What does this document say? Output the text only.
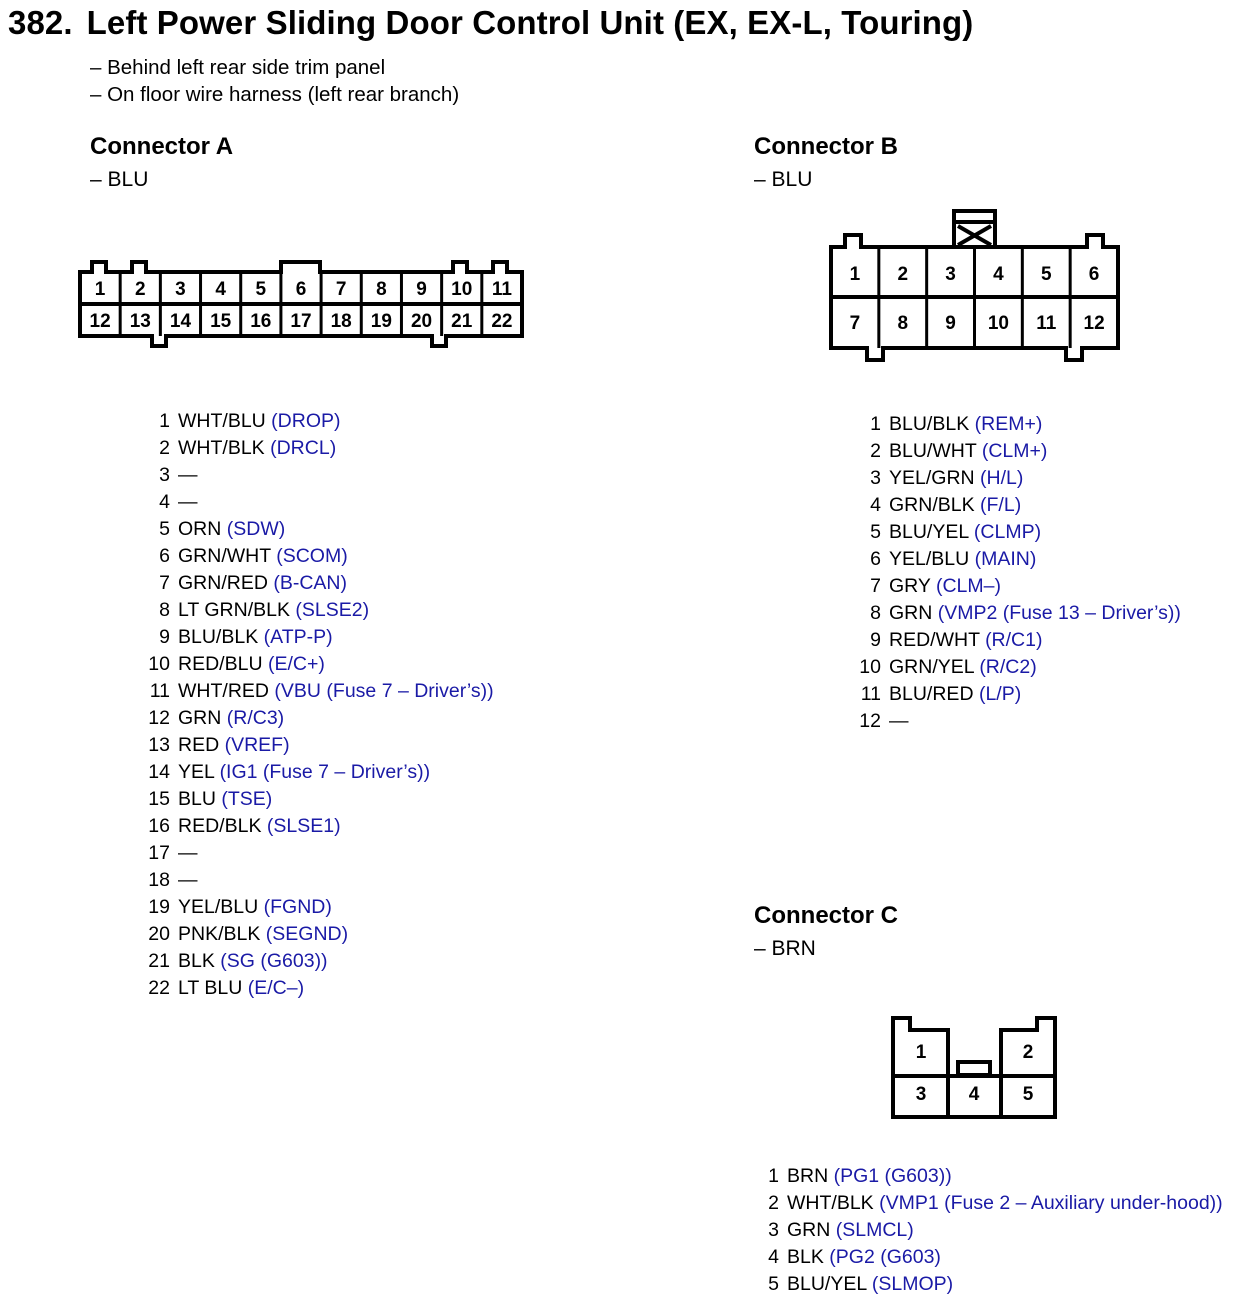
382. Left Power Sliding Door Control Unit (EX, EX-L, Touring)
– Behind left rear side trim panel
– On floor wire harness (left rear branch)
Connector A
– BLU
Connector B
– BLU
Connector C
– BRN
1 2 3 4 5 6 7 8 9 10 11
12 13 14 15 16 17 18 19 20 21 22
1 2 3 4 5 6
7 8 9 10 11 12
1	2
3 4 5
1 WHT/BLU (DROP)
2 WHT/BLK (DRCL)
3 —
4 —
5 ORN (SDW)
6 GRN/WHT (SCOM)
7 GRN/RED (B-CAN)
8 LT GRN/BLK (SLSE2)
9 BLU/BLK (ATP-P)
10 RED/BLU (E/C+)
11 WHT/RED (VBU (Fuse 7 – Driver’s))
12 GRN (R/C3)
13 RED (VREF)
14 YEL (IG1 (Fuse 7 – Driver’s))
15 BLU (TSE)
16 RED/BLK (SLSE1)
17 —
18 —
19 YEL/BLU (FGND)
20 PNK/BLK (SEGND)
21 BLK (SG (G603))
22 LT BLU (E/C–)
1 BLU/BLK (REM+)
2 BLU/WHT (CLM+)
3 YEL/GRN (H/L)
4 GRN/BLK (F/L)
5 BLU/YEL (CLMP)
6 YEL/BLU (MAIN)
7 GRY (CLM–)
8 GRN (VMP2 (Fuse 13 – Driver’s))
9 RED/WHT (R/C1)
10 GRN/YEL (R/C2)
11 BLU/RED (L/P)
12 —
1 BRN (PG1 (G603))
2 WHT/BLK (VMP1 (Fuse 2 – Auxiliary under-hood))
3 GRN (SLMCL)
4 BLK (PG2 (G603)
5 BLU/YEL (SLMOP)
